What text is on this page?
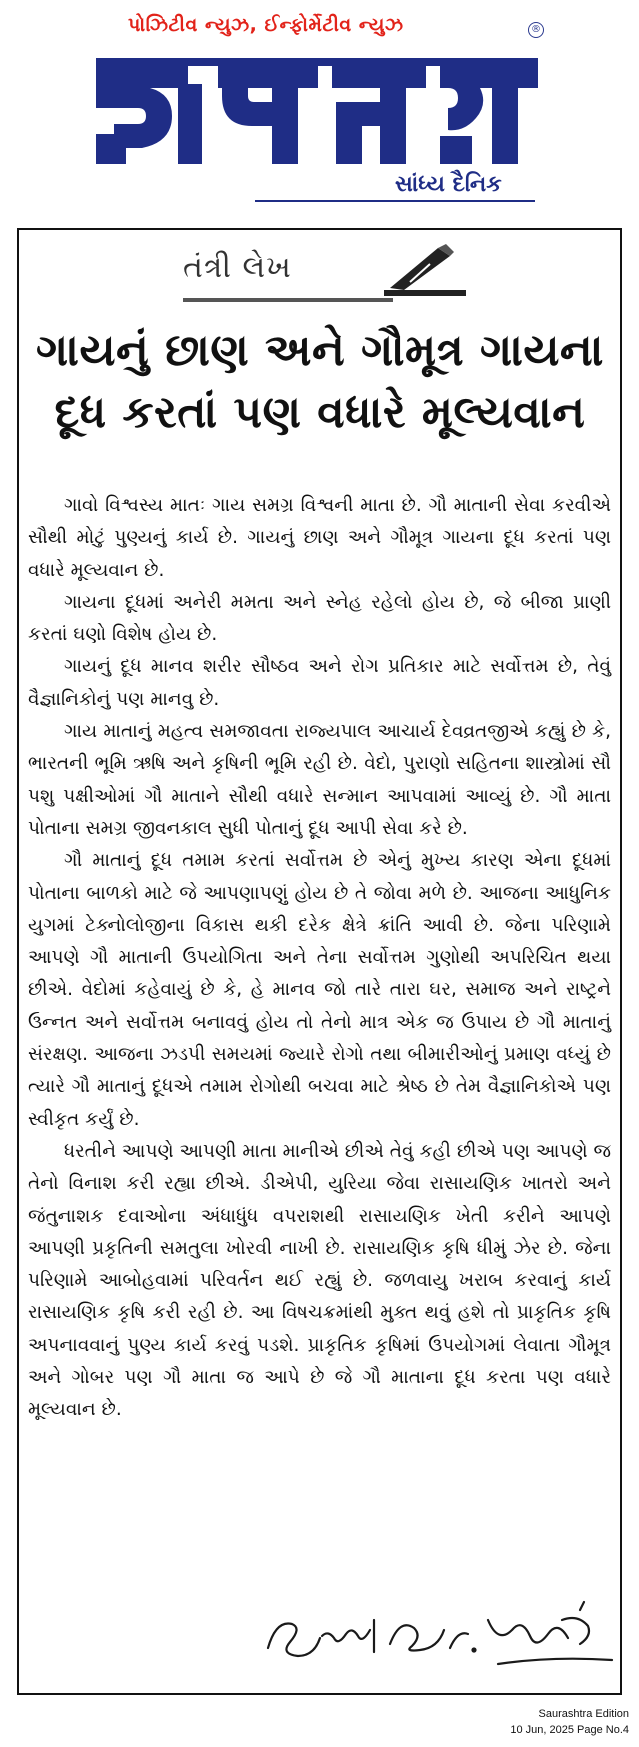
પોઝિટીવ ન્યુઝ, ઈન્ફોર્મેટીવ ન્યુઝ	®
સાંધ્ય દૈનિક
તંત્રી લેખ
ગાયનું છાણ અને ગૌમૂત્ર ગાયના
દૂધ કરતાં પણ વધારે મૂલ્યવાન

ગાવો વિશ્વસ્ય માતઃ ગાય સમગ્ર વિશ્વની માતા છે. ગૌ માતાની સેવા કરવીએ સૌથી મોટું પુણ્યનું કાર્ય છે. ગાયનું છાણ અને ગૌમૂત્ર ગાયના દૂધ કરતાં પણ વધારે મૂલ્યવાન છે.

ગાયના દૂધમાં અનેરી મમતા અને સ્નેહ રહેલો હોય છે, જે બીજા પ્રાણી કરતાં ઘણો વિશેષ હોય છે.

ગાયનું દૂધ માનવ શરીર સૌષ્ઠવ અને રોગ પ્રતિકાર માટે સર્વોત્તમ છે, તેવું વૈજ્ઞાનિકોનું પણ માનવુ છે.

ગાય માતાનું મહત્વ સમજાવતા રાજ્યપાલ આચાર્ય દેવવ્રતજીએ કહ્યું છે કે, ભારતની ભૂમિ ઋષિ અને કૃષિની ભૂમિ રહી છે. વેદો, પુરાણો સહિતના શાસ્ત્રોમાં સૌ પશુ પક્ષીઓમાં ગૌ માતાને સૌથી વધારે સન્માન આપવામાં આવ્યું છે. ગૌ માતા પોતાના સમગ્ર જીવનકાલ સુધી પોતાનું દૂધ આપી સેવા કરે છે.

ગૌ માતાનું દૂધ તમામ કરતાં સર્વોત્તમ છે એનું મુખ્ય કારણ એના દૂધમાં પોતાના બાળકો માટે જે આપણાપણું હોય છે તે જોવા મળે છે. આજના આધુનિક યુગમાં ટેક્નોલોજીના વિકાસ થકી દરેક ક્ષેત્રે ક્રાંતિ આવી છે. જેના પરિણામે આપણે ગૌ માતાની ઉપયોગિતા અને તેના સર્વોત્તમ ગુણોથી અપરિચિત થયા છીએ. વેદોમાં કહેવાયું છે કે, હે માનવ જો તારે તારા ઘર, સમાજ અને રાષ્ટ્રને ઉન્નત અને સર્વોત્તમ બનાવવું હોય તો તેનો માત્ર એક જ ઉપાય છે ગૌ માતાનું સંરક્ષણ. આજના ઝડપી સમયમાં જ્યારે રોગો તથા બીમારીઓનું પ્રમાણ વધ્યું છે ત્યારે ગૌ માતાનું દૂધએ તમામ રોગોથી બચવા માટે શ્રેષ્ઠ છે તેમ વૈજ્ઞાનિકોએ પણ સ્વીકૃત કર્યું છે.

ધરતીને આપણે આપણી માતા માનીએ છીએ તેવું કહી છીએ પણ આપણે જ તેનો વિનાશ કરી રહ્યા છીએ. ડીએપી, યુરિયા જેવા રાસાયણિક ખાતરો અને જંતુનાશક દવાઓના અંધાધુંધ વપરાશથી રાસાયણિક ખેતી કરીને આપણે આપણી પ્રકૃતિની સમતુલા ખોરવી નાખી છે. રાસાયણિક કૃષિ ધીમું ઝેર છે. જેના પરિણામે આબોહવામાં પરિવર્તન થઈ રહ્યું છે. જળવાયુ ખરાબ કરવાનું કાર્ય રાસાયણિક કૃષિ કરી રહી છે. આ વિષચક્રમાંથી મુક્ત થવું હશે તો પ્રાકૃતિક કૃષિ અપનાવવાનું પુણ્ય કાર્ય કરવું પડશે. પ્રાકૃતિક કૃષિમાં ઉપયોગમાં લેવાતા ગૌમૂત્ર અને ગોબર પણ ગૌ માતા જ આપે છે જે ગૌ માતાના દૂધ કરતા પણ વધારે મૂલ્યવાન છે.

Saurashtra Edition
10 Jun, 2025 Page No.4
